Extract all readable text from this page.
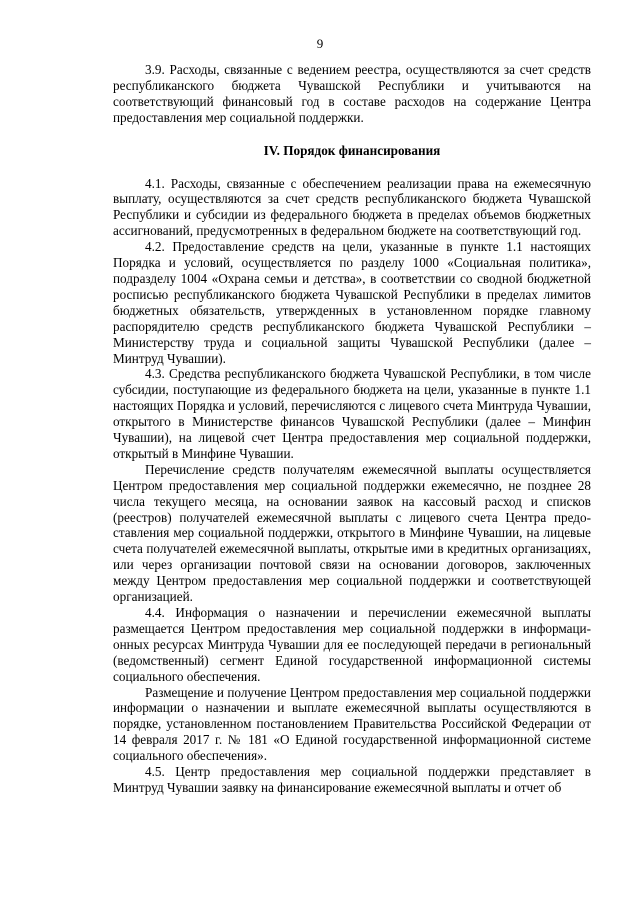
9

3.9. Расходы, связанные с ведением реестра, осуществляются за счет средств республиканского бюджета Чувашской Республики и учитываются на соответствующий финансовый год в составе расходов на содержание Центра предоставления мер социальной поддержки.

IV. Порядок финансирования

4.1. Расходы, связанные с обеспечением реализации права на ежемесячную выплату, осуществляются за счет средств республиканского бюджета Чувашской Республики и субсидии из федерального бюджета в пределах объемов бюджетных ассигнований, предусмотренных в федеральном бюджете на соответствующий год.

4.2. Предоставление средств на цели, указанные в пункте 1.1 настоящих Порядка и условий, осуществляется по разделу 1000 «Социальная политика», подразделу 1004 «Охрана семьи и детства», в соответствии со сводной бюджетной росписью республиканского бюджета Чувашской Республики в пределах лимитов бюджетных обязательств, утвержденных в установленном порядке главному распорядителю средств республиканского бюджета Чувашской Республики – Министерству труда и социальной защиты Чувашской Республики (далее – Минтруд Чувашии).

4.3. Средства республиканского бюджета Чувашской Республики, в том числе субсидии, поступающие из федерального бюджета на цели, указанные в пункте 1.1 настоящих Порядка и условий, перечисляются с лицевого счета Минтруда Чувашии, открытого в Министерстве финансов Чувашской Республики (далее – Минфин Чувашии), на лицевой счет Центра предоставления мер социальной поддержки, открытый в Минфине Чувашии.

Перечисление средств получателям ежемесячной выплаты осуществляется Центром предоставления мер социальной поддержки ежемесячно, не позднее 28 числа текущего месяца, на основании заявок на кассовый расход и списков (реестров) получателей ежемесячной выплаты с лицевого счета Центра предоставления мер социальной поддержки, открытого в Минфине Чувашии, на лицевые счета получателей ежемесячной выплаты, открытые ими в кредитных организациях, или через организации почтовой связи на основании договоров, заключенных между Центром предоставления мер социальной поддержки и соответствующей организацией.

4.4. Информация о назначении и перечислении ежемесячной выплаты размещается Центром предоставления мер социальной поддержки в информационных ресурсах Минтруда Чувашии для ее последующей передачи в региональный (ведомственный) сегмент Единой государственной информационной системы социального обеспечения.

Размещение и получение Центром предоставления мер социальной поддержки информации о назначении и выплате ежемесячной выплаты осуществляются в порядке, установленном постановлением Правительства Российской Федерации от 14 февраля 2017 г. № 181 «О Единой государственной информационной системе социального обеспечения».

4.5. Центр предоставления мер социальной поддержки представляет в Минтруд Чувашии заявку на финансирование ежемесячной выплаты и отчет об
